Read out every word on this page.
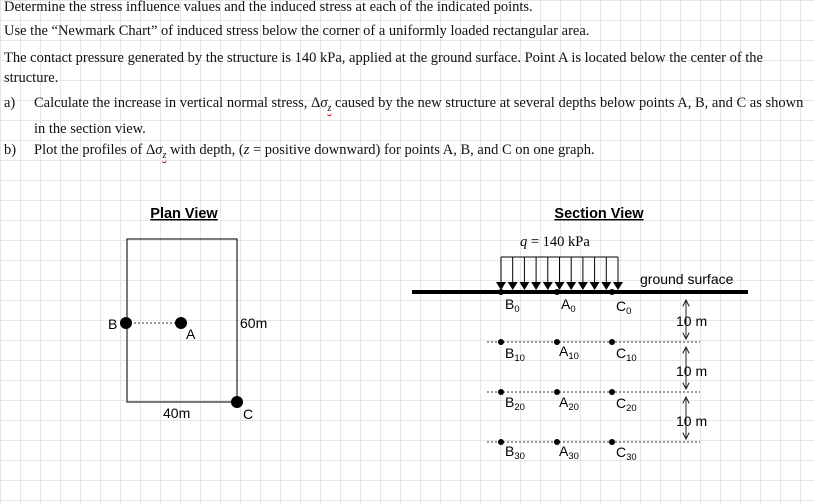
Determine the stress influence values and the induced stress at each of the indicated points.

Use the “Newmark Chart” of induced stress below the corner of a uniformly loaded rectangular area.

The contact pressure generated by the structure is 140 kPa, applied at the ground surface. Point A is located below the center of the structure.

a) Calculate the increase in vertical normal stress, $\Delta\sigma_z$ caused by the new structure at several depths below points A, B, and C as shown in the section view.
b) Plot the profiles of $\Delta\sigma_z$ with depth, (z = positive downward) for points A, B, and C on one graph.
Plan View
B
A
C
60m
40m
Section View
q = 140 kPa
ground surface
10 m
10 m
10 m
$B_0$	$A_0$	$C_0$
$B_{10}$ $A_{10}$	$C_{10}$
$B_{20}$ $A_{20}$	$C_{20}$
$B_{30}$ $A_{30}$	$C_{30}$
